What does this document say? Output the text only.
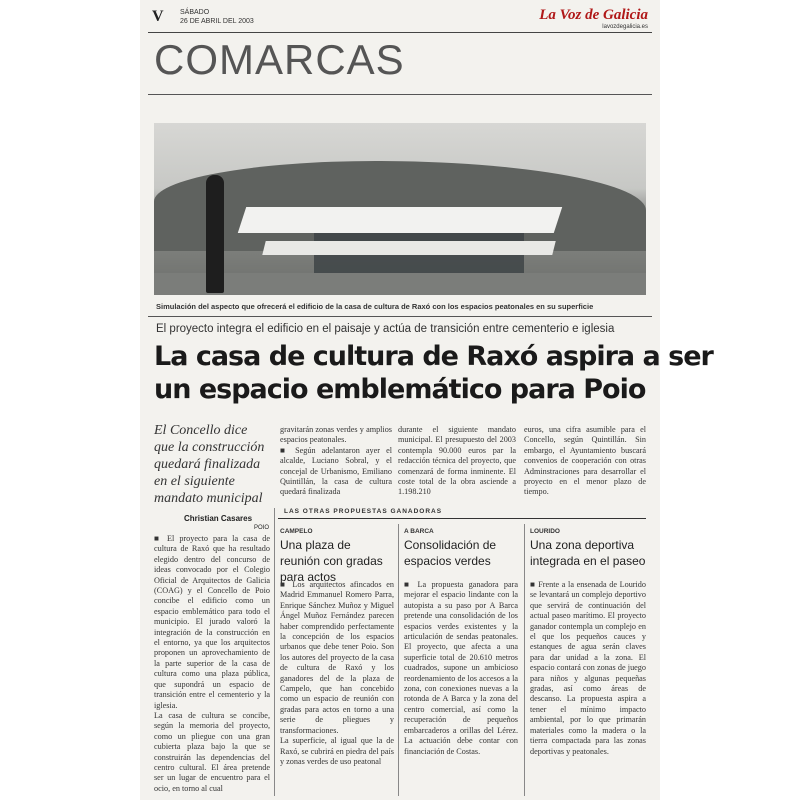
V SÁBADO
26 DE ABRIL DEL 2003	La Voz de Galicia
lavozdegalicia.es
COMARCAS
Simulación del aspecto que ofrecerá el edificio de la casa de cultura de Raxó con los espacios peatonales en su superficie
El proyecto integra el edificio en el paisaje y actúa de transición entre cementerio e iglesia
La casa de cultura de Raxó aspira a ser
un espacio emblemático para Poio
El Concello dice que la construcción quedará finalizada en el siguiente mandato municipal
gravitarán zonas verdes y amplios espacios peatonales.
■ Según adelantaron ayer el alcalde, Luciano Sobral, y el concejal de Urbanismo, Emiliano Quintillán, la casa de cultura quedará finalizada
durante el siguiente mandato municipal. El presupuesto del 2003 contempla 90.000 euros par la redacción técnica del proyecto, que comenzará de forma inminente. El coste total de la obra asciende a 1.198.210
euros, una cifra asumible para el Concello, según Quintillán. Sin embargo, el Ayuntamiento buscará convenios de cooperación con otras Adminstraciones para desarrollar el proyecto en el menor plazo de tiempo.
Christian Casares
POIO
■ El proyecto para la casa de cultura de Raxó que ha resultado elegido dentro del concurso de ideas convocado por el Colegio Oficial de Arquitectos de Galicia (COAG) y el Concello de Poio concibe el edificio como un espacio emblemático para todo el municipio. El jurado valoró la integración de la construcción en el entorno, ya que los arquitectos proponen un aprovechamiento de la parte superior de la casa de cultura como una plaza pública, que supondrá un espacio de transición entre el cementerio y la iglesia.
La casa de cultura se concibe, según la memoria del proyecto, como un pliegue con una gran cubierta plaza bajo la que se construirán las dependencias del centro cultural. El área pretende ser un lugar de encuentro para el ocio, en torno al cual
LAS OTRAS PROPUESTAS GANADORAS
CAMPELO
Una plaza de reunión con gradas para actos
■ Los arquitectos afincados en Madrid Emmanuel Romero Parra, Enrique Sánchez Muñoz y Miguel Ángel Muñoz Fernández parecen haber comprendido perfectamente la concepción de los espacios urbanos que debe tener Poio. Son los autores del proyecto de la casa de cultura de Raxó y los ganadores del de la plaza de Campelo, que han concebido como un espacio de reunión con gradas para actos en torno a una serie de pliegues y transformaciones.
La superficie, al igual que la de Raxó, se cubrirá en piedra del país y zonas verdes de uso peatonal
A BARCA
Consolidación de espacios verdes
■ La propuesta ganadora para mejorar el espacio lindante con la autopista a su paso por A Barca pretende una consolidación de los espacios verdes existentes y la articulación de sendas peatonales. El proyecto, que afecta a una superficie total de 20.610 metros cuadrados, supone un ambicioso reordenamiento de los accesos a la zona, con conexiones nuevas a la rotonda de A Barca y la zona del centro comercial, así como la recuperación de pequeños embarcaderos a orillas del Lérez. La actuación debe contar con financiación de Costas.
LOURIDO
Una zona deportiva integrada en el paseo
■ Frente a la ensenada de Lourido se levantará un complejo deportivo que servirá de continuación del actual paseo marítimo. El proyecto ganador contempla un complejo en el que los pequeños cauces y estanques de agua serán claves para dar unidad a la zona. El espacio contará con zonas de juego para niños y algunas pequeñas gradas, así como áreas de descanso. La propuesta aspira a tener el mínimo impacto ambiental, por lo que primarán materiales como la madera o la tierra compactada para las zonas deportivas y peatonales.
